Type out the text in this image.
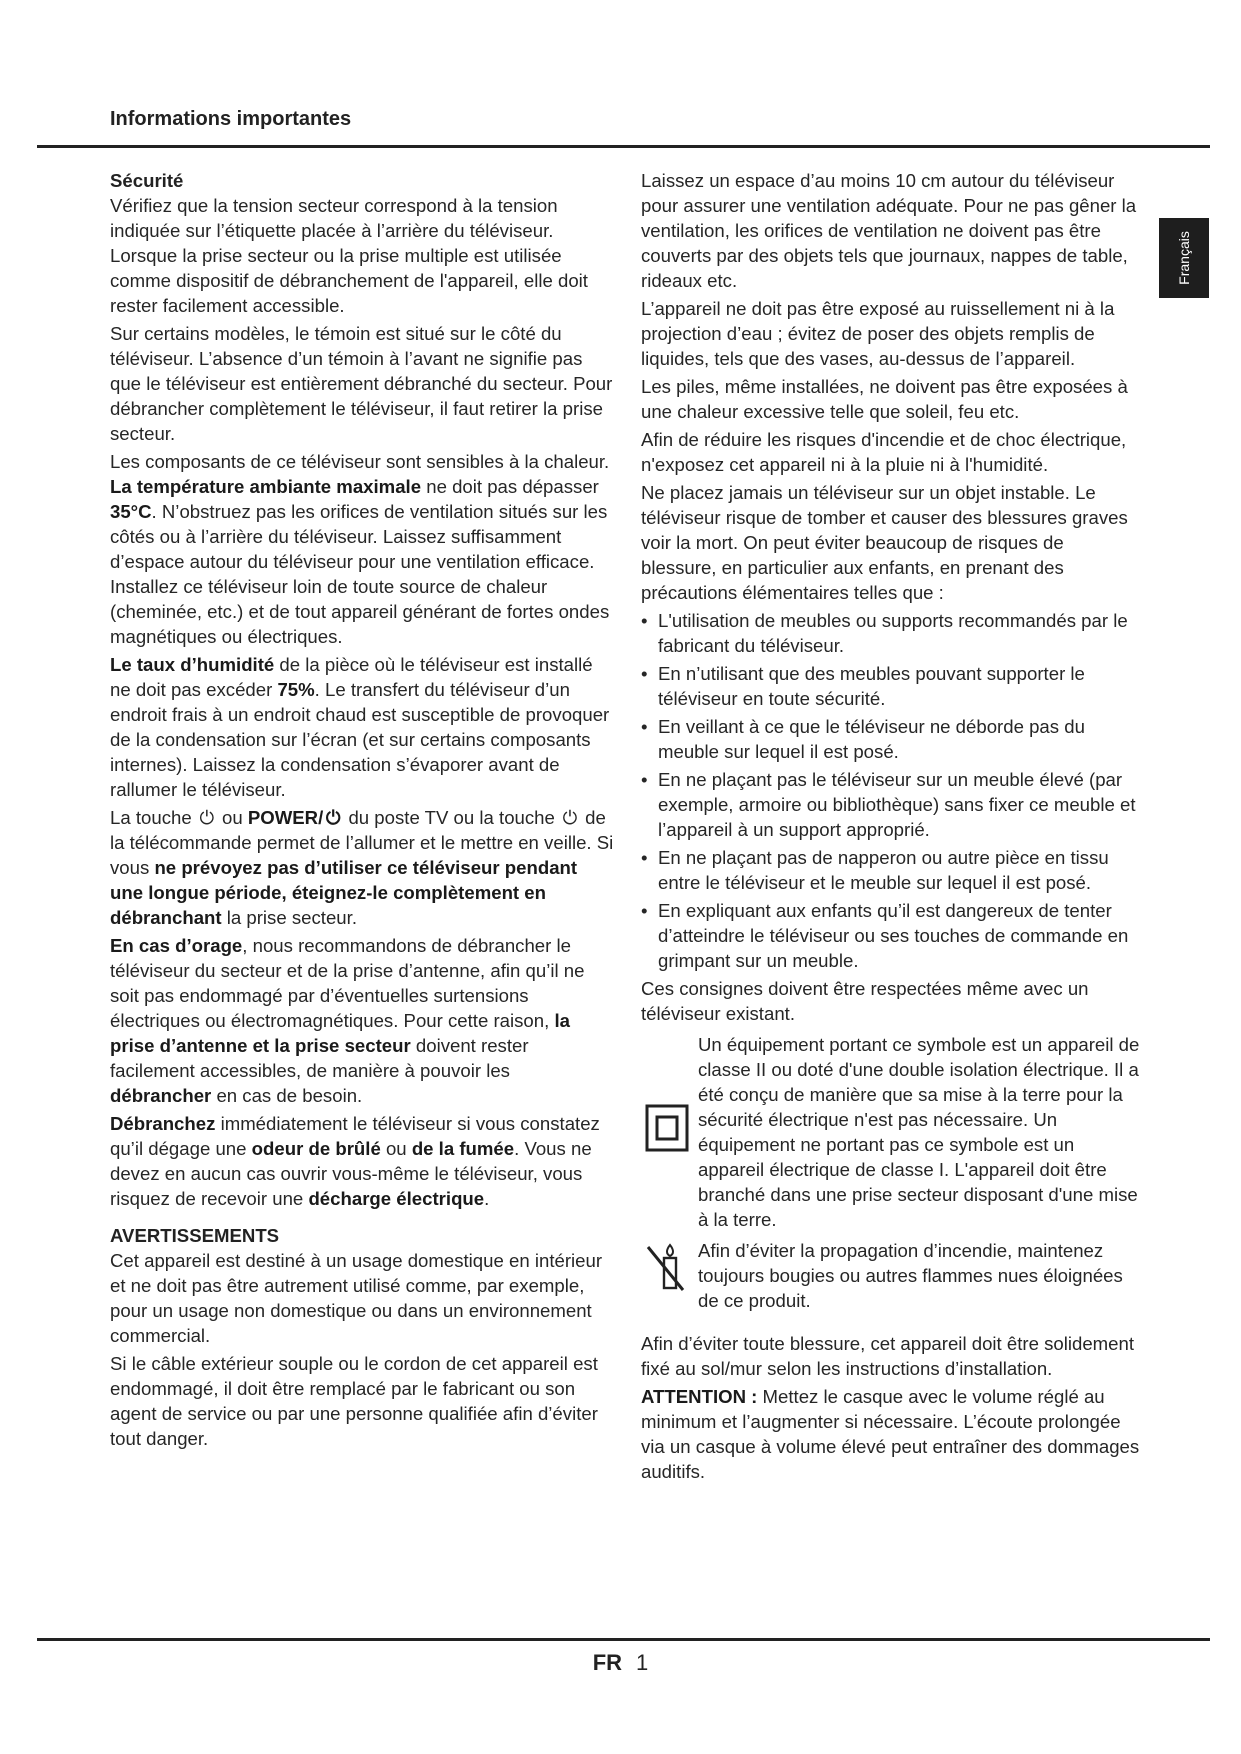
Informations importantes
Français
Sécurité

Vérifiez que la tension secteur correspond à la tension indiquée sur l’étiquette placée à l’arrière du téléviseur. Lorsque la prise secteur ou la prise multiple est utilisée comme dispositif de débranchement de l'appareil, elle doit rester facilement accessible.

Sur certains modèles, le témoin est situé sur le côté du téléviseur. L’absence d’un témoin à l’avant ne signifie pas que le téléviseur est entièrement débranché du secteur. Pour débrancher complètement le téléviseur, il faut retirer la prise secteur.

Les composants de ce téléviseur sont sensibles à la chaleur. La température ambiante maximale ne doit pas dépasser 35°C. N’obstruez pas les orifices de ventilation situés sur les côtés ou à l’arrière du téléviseur. Laissez suffisamment d’espace autour du téléviseur pour une ventilation efficace. Installez ce téléviseur loin de toute source de chaleur (cheminée, etc.) et de tout appareil générant de fortes ondes magnétiques ou électriques.

Le taux d’humidité de la pièce où le téléviseur est installé ne doit pas excéder 75%. Le transfert du téléviseur d’un endroit frais à un endroit chaud est susceptible de provoquer de la condensation sur l’écran (et sur certains composants internes). Laissez la condensation s’évaporer avant de rallumer le téléviseur.

La touche ⏻ ou POWER/ ⏻ du poste TV ou la touche ⏻ de la télécommande permet de l’allumer et le mettre en veille. Si vous ne prévoyez pas d’utiliser ce téléviseur pendant une longue période, éteignez-le complètement en débranchant la prise secteur.

En cas d’orage, nous recommandons de débrancher le téléviseur du secteur et de la prise d’antenne, afin qu’il ne soit pas endommagé par d’éventuelles surtensions électriques ou électromagnétiques. Pour cette raison, la prise d’antenne et la prise secteur doivent rester facilement accessibles, de manière à pouvoir les débrancher en cas de besoin.

Débranchez immédiatement le téléviseur si vous constatez qu’il dégage une odeur de brûlé ou de la fumée. Vous ne devez en aucun cas ouvrir vous-même le téléviseur, vous risquez de recevoir une décharge électrique.

AVERTISSEMENTS

Cet appareil est destiné à un usage domestique en intérieur et ne doit pas être autrement utilisé comme, par exemple, pour un usage non domestique ou dans un environnement commercial.

Si le câble extérieur souple ou le cordon de cet appareil est endommagé, il doit être remplacé par le fabricant ou son agent de service ou par une personne qualifiée afin d’éviter tout danger.

Laissez un espace d’au moins 10 cm autour du téléviseur pour assurer une ventilation adéquate. Pour ne pas gêner la ventilation, les orifices de ventilation ne doivent pas être couverts par des objets tels que journaux, nappes de table, rideaux etc.

L’appareil ne doit pas être exposé au ruissellement ni à la projection d’eau ; évitez de poser des objets remplis de liquides, tels que des vases, au-dessus de l’appareil.

Les piles, même installées, ne doivent pas être exposées à une chaleur excessive telle que soleil, feu etc.

Afin de réduire les risques d'incendie et de choc électrique, n'exposez cet appareil ni à la pluie ni à l'humidité.

Ne placez jamais un téléviseur sur un objet instable. Le téléviseur risque de tomber et causer des blessures graves voir la mort. On peut éviter beaucoup de risques de blessure, en particulier aux enfants, en prenant des précautions élémentaires telles que :

• L'utilisation de meubles ou supports recommandés par le fabricant du téléviseur.
• En n’utilisant que des meubles pouvant supporter le téléviseur en toute sécurité.
• En veillant à ce que le téléviseur ne déborde pas du meuble sur lequel il est posé.
• En ne plaçant pas le téléviseur sur un meuble élevé (par exemple, armoire ou bibliothèque) sans fixer ce meuble et l’appareil à un support approprié.
• En ne plaçant pas de napperon ou autre pièce en tissu entre le téléviseur et le meuble sur lequel il est posé.
• En expliquant aux enfants qu’il est dangereux de tenter d’atteindre le téléviseur ou ses touches de commande en grimpant sur un meuble.

Ces consignes doivent être respectées même avec un téléviseur existant.

Un équipement portant ce symbole est un appareil de classe II ou doté d'une double isolation électrique. Il a été conçu de manière que sa mise à la terre pour la sécurité électrique n'est pas nécessaire. Un équipement ne portant pas ce symbole est un appareil électrique de classe I. L'appareil doit être branché dans une prise secteur disposant d'une mise à la terre.
Afin d’éviter la propagation d’incendie, maintenez toujours bougies ou autres flammes nues éloignées de ce produit.

Afin d’éviter toute blessure, cet appareil doit être solidement fixé au sol/mur selon les instructions d’installation.

ATTENTION : Mettez le casque avec le volume réglé au minimum et l’augmenter si nécessaire. L’écoute prolongée via un casque à volume élevé peut entraîner des dommages auditifs.

FR 1
